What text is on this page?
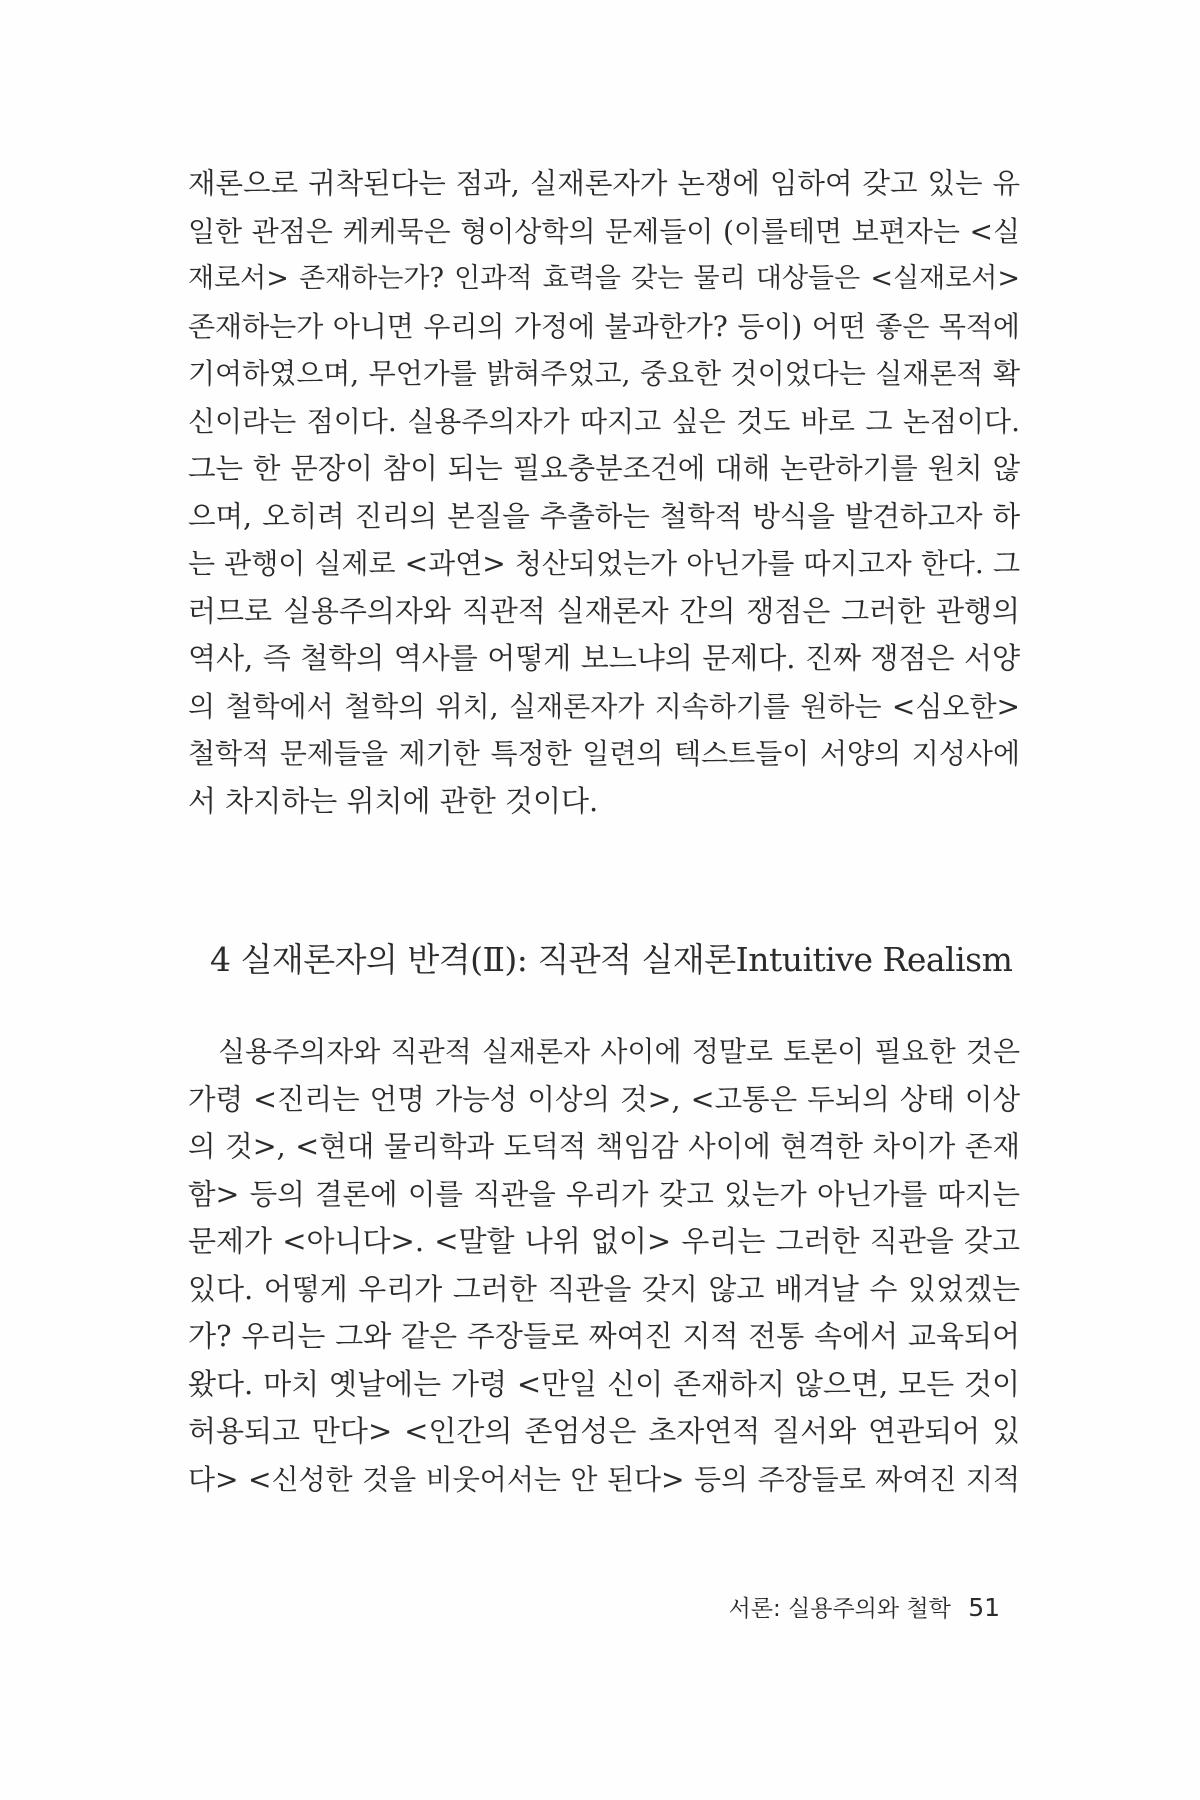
재론으로 귀착된다는 점과, 실재론자가 논쟁에 임하여 갖고 있는 유
일한 관점은 케케묵은 형이상학의 문제들이 (이를테면 보편자는 <실
재로서> 존재하는가? 인과적 효력을 갖는 물리 대상들은 <실재로서>
존재하는가 아니면 우리의 가정에 불과한가? 등이) 어떤 좋은 목적에
기여하였으며, 무언가를 밝혀주었고, 중요한 것이었다는 실재론적 확
신이라는 점이다. 실용주의자가 따지고 싶은 것도 바로 그 논점이다.
그는 한 문장이 참이 되는 필요충분조건에 대해 논란하기를 원치 않
으며, 오히려 진리의 본질을 추출하는 철학적 방식을 발견하고자 하
는 관행이 실제로 <과연> 청산되었는가 아닌가를 따지고자 한다. 그
러므로 실용주의자와 직관적 실재론자 간의 쟁점은 그러한 관행의
역사, 즉 철학의 역사를 어떻게 보느냐의 문제다. 진짜 쟁점은 서양
의 철학에서 철학의 위치, 실재론자가 지속하기를 원하는 <심오한>
철학적 문제들을 제기한 특정한 일련의 텍스트들이 서양의 지성사에
서 차지하는 위치에 관한 것이다.

4 실재론자의 반격(Ⅱ): 직관적 실재론Intuitive Realism

실용주의자와 직관적 실재론자 사이에 정말로 토론이 필요한 것은
가령 <진리는 언명 가능성 이상의 것>, <고통은 두뇌의 상태 이상
의 것>, <현대 물리학과 도덕적 책임감 사이에 현격한 차이가 존재
함> 등의 결론에 이를 직관을 우리가 갖고 있는가 아닌가를 따지는
문제가 <아니다>. <말할 나위 없이> 우리는 그러한 직관을 갖고
있다. 어떻게 우리가 그러한 직관을 갖지 않고 배겨날 수 있었겠는
가? 우리는 그와 같은 주장들로 짜여진 지적 전통 속에서 교육되어
왔다. 마치 옛날에는 가령 <만일 신이 존재하지 않으면, 모든 것이
허용되고 만다> <인간의 존엄성은 초자연적 질서와 연관되어 있
다> <신성한 것을 비웃어서는 안 된다> 등의 주장들로 짜여진 지적

서론: 실용주의와 철학 51
